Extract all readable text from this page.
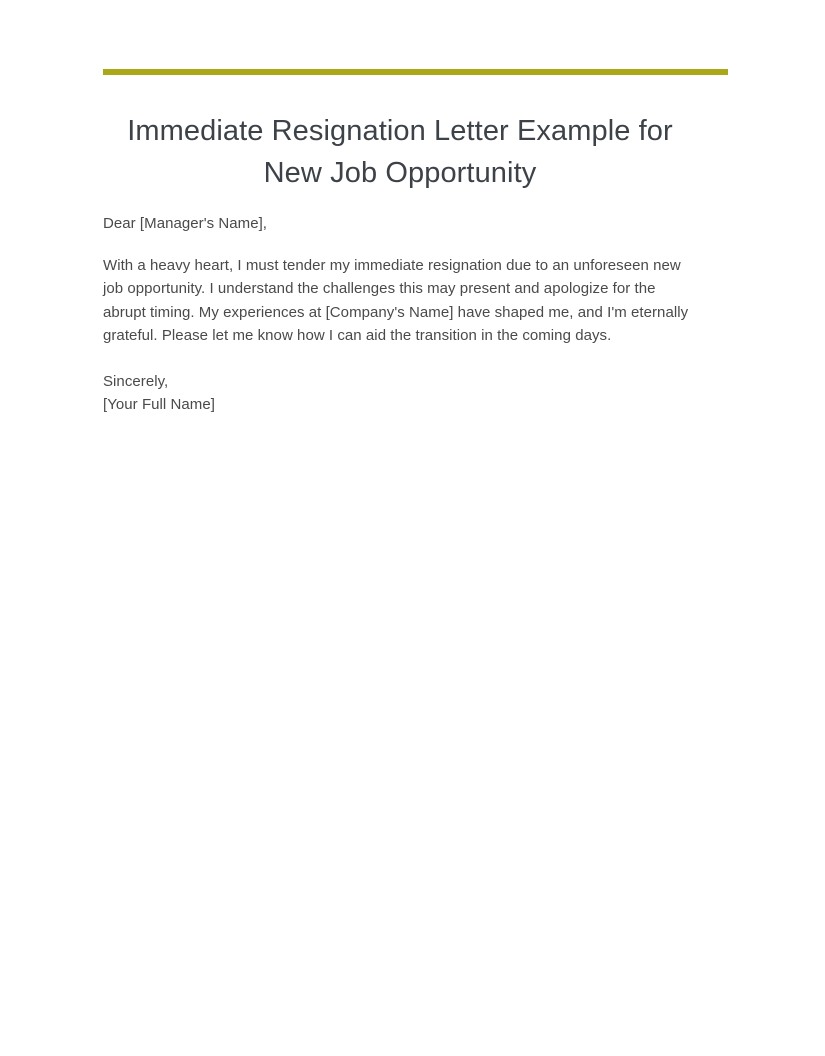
Immediate Resignation Letter Example for New Job Opportunity

Dear [Manager's Name],

With a heavy heart, I must tender my immediate resignation due to an unforeseen new job opportunity. I understand the challenges this may present and apologize for the abrupt timing. My experiences at [Company's Name] have shaped me, and I'm eternally grateful. Please let me know how I can aid the transition in the coming days.

Sincerely,
[Your Full Name]
